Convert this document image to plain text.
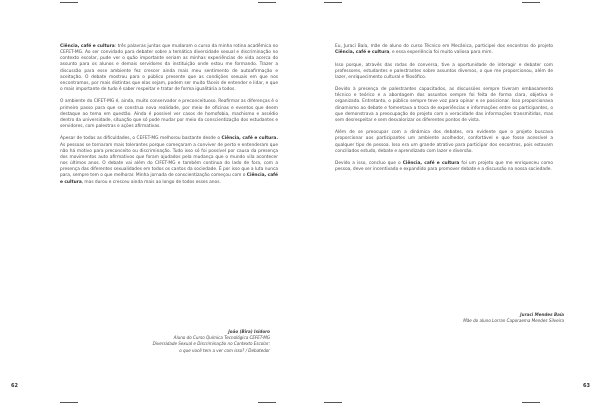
Ciência, café e cultura: três palavras juntas que mudaram o curso da minha rotina acadêmica no CEFET-MG. Ao ser convidado para debater sobre a temática diversidade sexual e discriminação no contexto escolar, pude ver o quão importante seriam as minhas experiências de vida acerca do assunto para os alunos e demais servidores da instituição onde estou me formando. Trazer a discussão para esse ambiente fez crescer ainda mais meu sentimento de autoafirmação e aceitação. O debate mostrou para o público presente que as condições sexuais em que nos encontramos, por mais distintas que elas sejam, podem ser muito fáceis de entender e lidar, e que o mais importante de tudo é saber respeitar e tratar de forma igualitária a todos.

O ambiente do CIFET-MG é, ainda, muito conservador e preconceituoso. Reafirmar as diferenças é o primeiro passo para que se construa nova realidade, por meio de oficinas e eventos que deem destaque ao tema em questão. Ainda é possível ver casos de homofobia, machismo e assédio dentro da universidade, situação que só pode mudar por meio da conscientização dos estudantes e servidores, com palestras e ações afirmativas.

Apesar de todas as dificuldades, o CEFET-MG melhorou bastante desde o Ciência, café e cultura. As pessoas se tornaram mais tolerantes porque começaram a conviver de perto e entenderam que não há motivo para preconceito ou discriminação. Tudo isso só foi possível por causa da presença dos movimentos auto afirmativos que foram ajudados pela mudança que o mundo vila acontecer nos últimos anos. O debate vai além do CIFET-MG e também continua do lado de fora, com a presença das diferentes sexualidades em todos os cantos da sociedade. É por isso que a luta nunca para, sempre tem o que melhorar. Minha jornada de conscientização começou com o Ciência, café e cultura, mas durou e cresceu ainda mais ao longo de todos esses anos.

João (Bira) Isidoro
Aluno do Curso Química Tecnológica CEFET-MG
Diversidade Sexual e Discriminação no Contexto Escolar:
o que você tem a ver com isso? / Debatedor
62

Eu, Juraci Baía, mãe de aluno do curso Técnico em Mecânica, participei dos encontros do projeto Ciência, café e cultura, e essa experiência foi muito valiosa para mim.

Isso porque, através das rodas de conversa, tive a oportunidade de interagir e debater com professores, estudantes e palestrantes sobre assuntos diversos, o que me proporcionou, além de lazer, enriquecimento cultural e filosófico.

Devido à presença de palestrantes capacitados, as discussões sempre tiveram embasamento técnico e teórico e a abordagem dos assuntos sempre foi feita de forma clara, objetiva e organizada. Entretanto, o público sempre teve voz para opinar e se posicionar. Isso proporcionava dinamismo ao debate e fomentava a troca de experiências e informações entre os participantes, o que demonstrava a preocupação do projeto com a veracidade das informações transmitidas, mas sem desrespeitar e sem desvalorizar os diferentes pontos de vista.

Além de se preocupar com a dinâmica dos debates, era evidente que o projeto buscava proporcionar aos participantes um ambiente acolhedor, confortável e que fosse acessível a qualquer tipo de pessoa. Isso era um grande atrativo para participar dos encontros, pois estavam conciliados estudo, debate e aprendizado com lazer e diversão.

Devido a isso, concluo que o Ciência, café e cultura foi um projeto que me enriqueceu como pessoa, deve ser incentivado e expandido para promover debate e a discussão na nossa sociedade.

Juraci Mendes Baía
Mãe do aluno Lorran Caporaema Mendes Silveira
63
